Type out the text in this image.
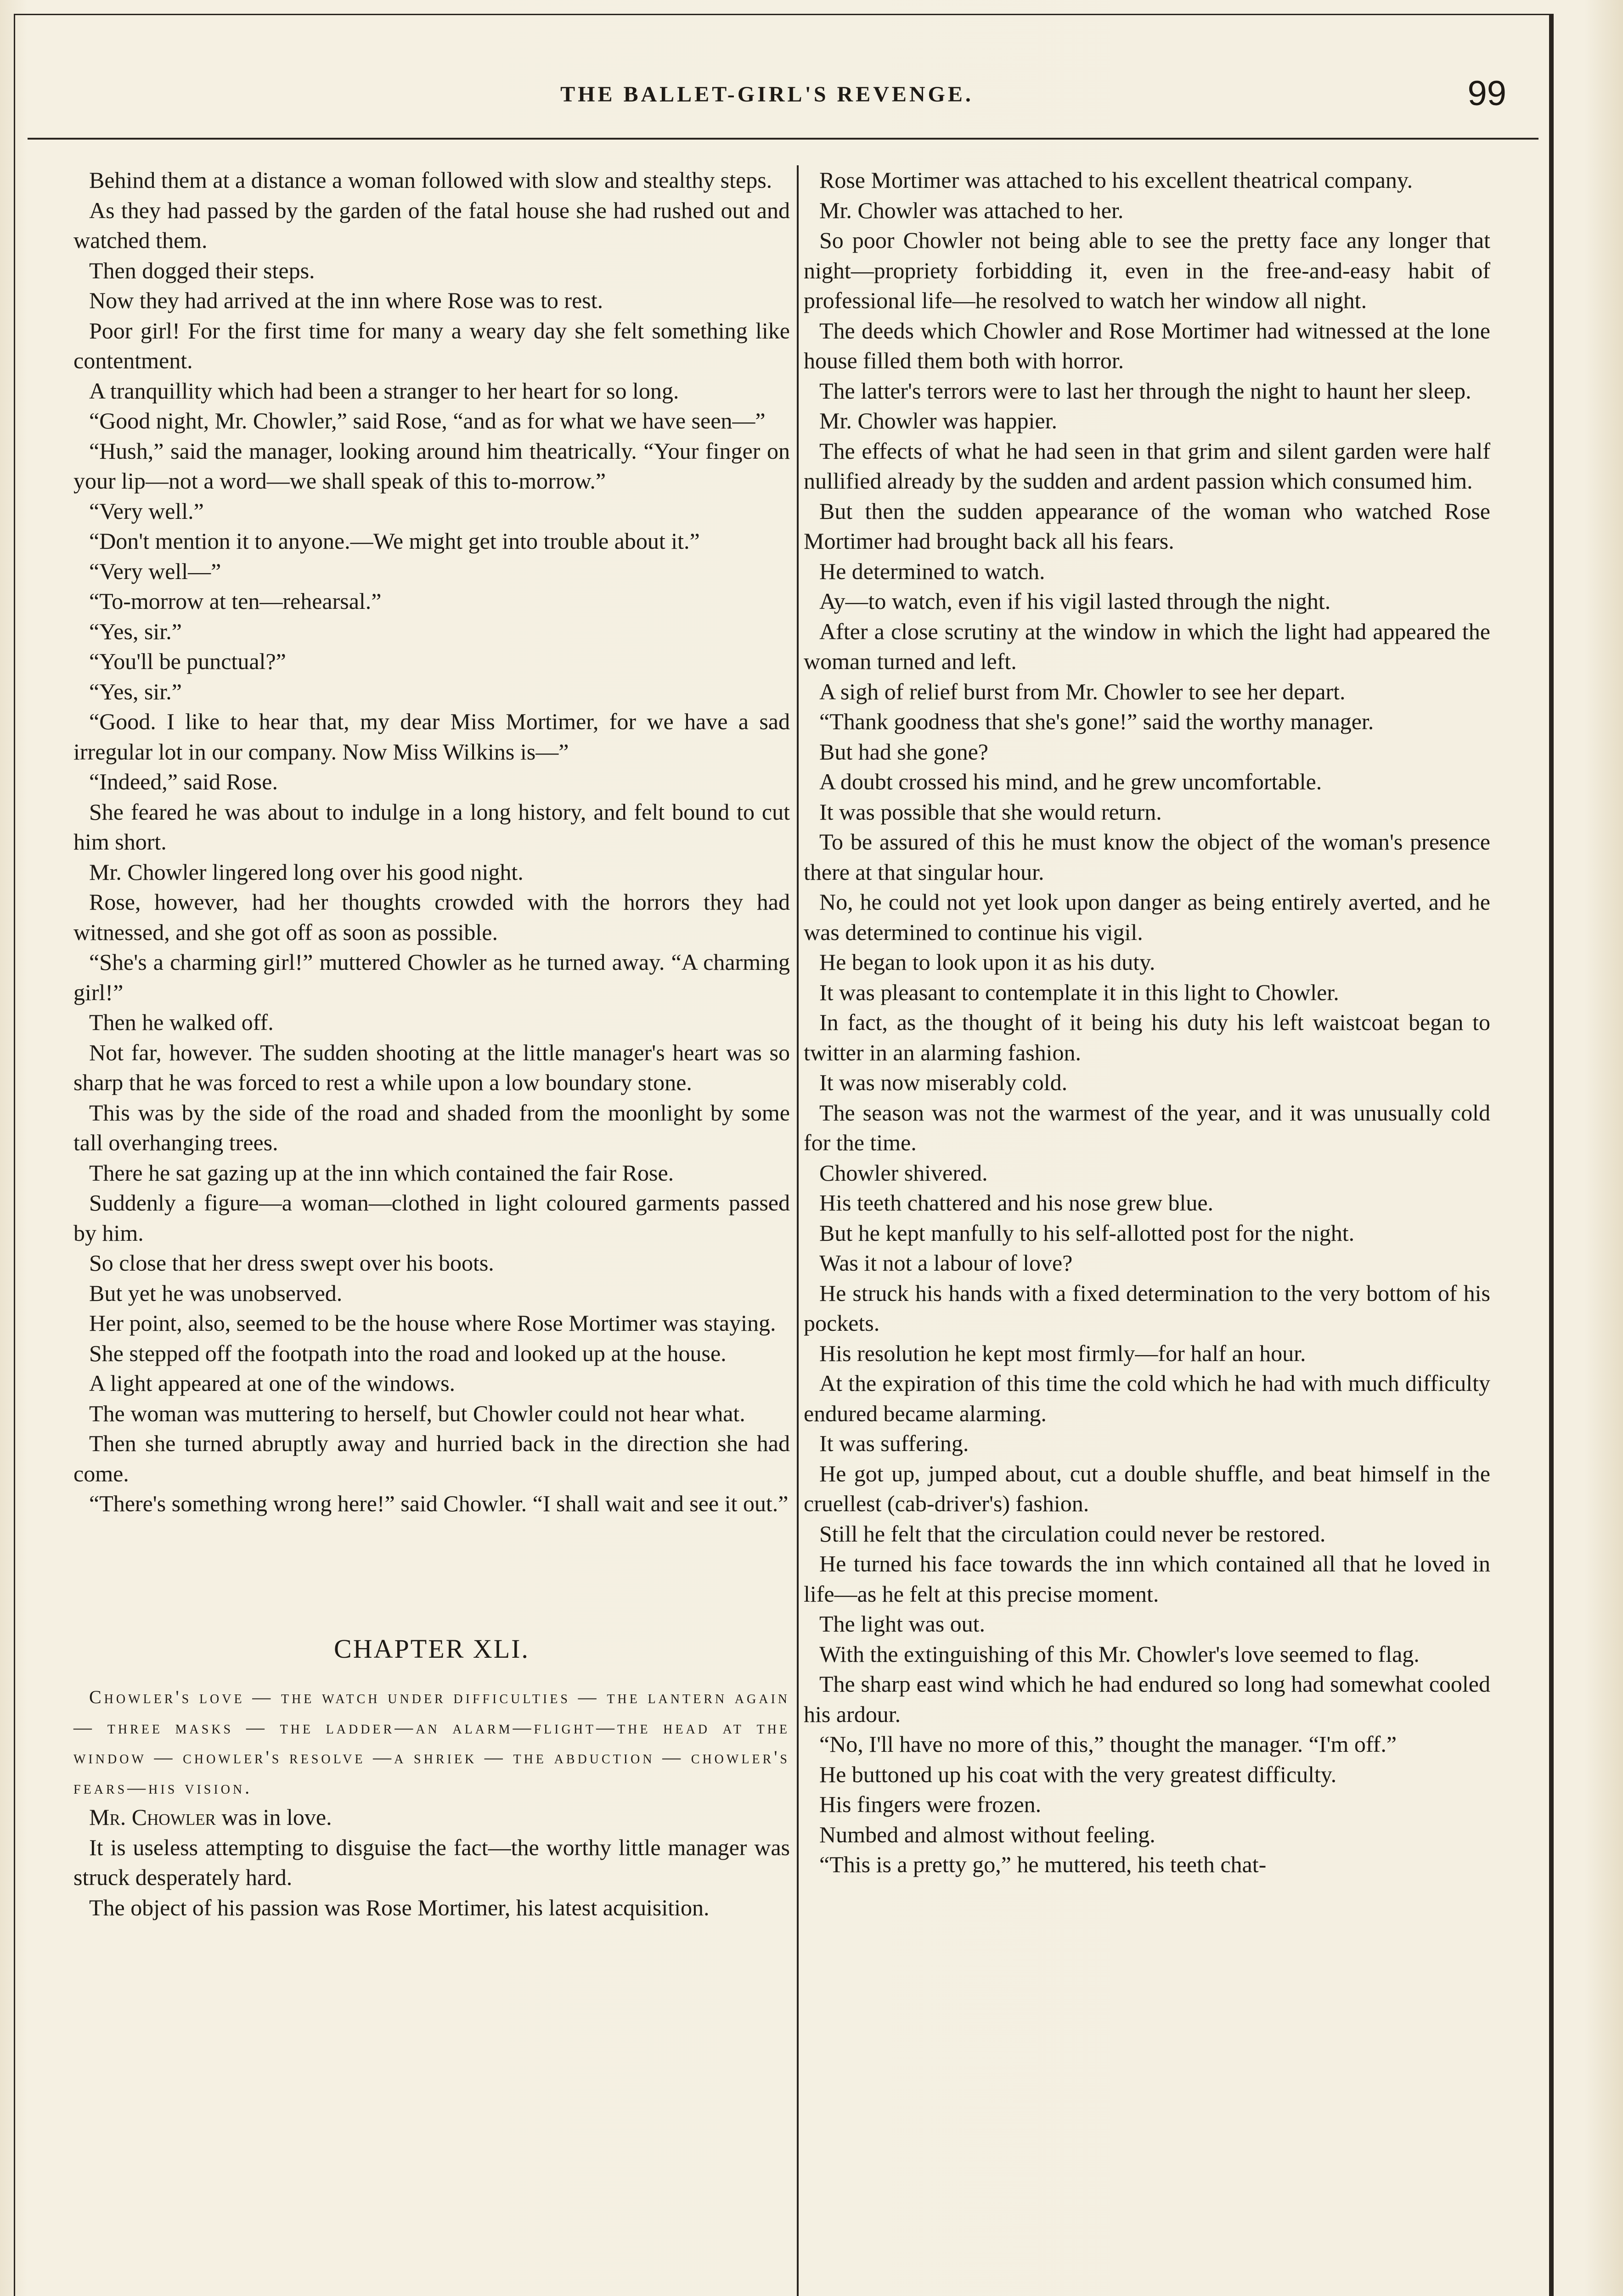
THE BALLET-GIRL'S REVENGE.	99

Behind them at a distance a woman followed with slow and stealthy steps.

As they had passed by the garden of the fatal house she had rushed out and watched them.

Then dogged their steps.

Now they had arrived at the inn where Rose was to rest.

Poor girl! For the first time for many a weary day she felt something like contentment.

A tranquillity which had been a stranger to her heart for so long.

“Good night, Mr. Chowler,” said Rose, “and as for what we have seen—”

“Hush,” said the manager, looking around him theatrically. “Your finger on your lip—not a word—we shall speak of this to-morrow.”

“Very well.”

“Don't mention it to anyone.—We might get into trouble about it.”

“Very well—”

“To-morrow at ten—rehearsal.”

“Yes, sir.”

“You'll be punctual?”

“Yes, sir.”

“Good. I like to hear that, my dear Miss Mortimer, for we have a sad irregular lot in our company. Now Miss Wilkins is—”

“Indeed,” said Rose.

She feared he was about to indulge in a long history, and felt bound to cut him short.

Mr. Chowler lingered long over his good night.

Rose, however, had her thoughts crowded with the horrors they had witnessed, and she got off as soon as possible.

“She's a charming girl!” muttered Chowler as he turned away. “A charming girl!”

Then he walked off.

Not far, however. The sudden shooting at the little manager's heart was so sharp that he was forced to rest a while upon a low boundary stone.

This was by the side of the road and shaded from the moonlight by some tall overhanging trees.

There he sat gazing up at the inn which contained the fair Rose.

Suddenly a figure—a woman—clothed in light coloured garments passed by him.

So close that her dress swept over his boots.

But yet he was unobserved.

Her point, also, seemed to be the house where Rose Mortimer was staying.

She stepped off the footpath into the road and looked up at the house.

A light appeared at one of the windows.

The woman was muttering to herself, but Chowler could not hear what.

Then she turned abruptly away and hurried back in the direction she had come.

“There's something wrong here!” said Chowler. “I shall wait and see it out.”

CHAPTER XLI.

Chowler's love — the watch under difficulties — the lantern again — three masks — the ladder—an alarm—flight—the head at the window — chowler's resolve —a shriek — the abduction — chowler's fears—his vision.

Mr. Chowler was in love.

It is useless attempting to disguise the fact—the worthy little manager was struck desperately hard.

The object of his passion was Rose Mortimer, his latest acquisition.

Rose Mortimer was attached to his excellent theatrical company.

Mr. Chowler was attached to her.

So poor Chowler not being able to see the pretty face any longer that night—propriety forbidding it, even in the free-and-easy habit of professional life—he resolved to watch her window all night.

The deeds which Chowler and Rose Mortimer had witnessed at the lone house filled them both with horror.

The latter's terrors were to last her through the night to haunt her sleep.

Mr. Chowler was happier.

The effects of what he had seen in that grim and silent garden were half nullified already by the sudden and ardent passion which consumed him.

But then the sudden appearance of the woman who watched Rose Mortimer had brought back all his fears.

He determined to watch.

Ay—to watch, even if his vigil lasted through the night.

After a close scrutiny at the window in which the light had appeared the woman turned and left.

A sigh of relief burst from Mr. Chowler to see her depart.

“Thank goodness that she's gone!” said the worthy manager.

But had she gone?

A doubt crossed his mind, and he grew uncomfortable.

It was possible that she would return.

To be assured of this he must know the object of the woman's presence there at that singular hour.

No, he could not yet look upon danger as being entirely averted, and he was determined to continue his vigil.

He began to look upon it as his duty.

It was pleasant to contemplate it in this light to Chowler.

In fact, as the thought of it being his duty his left waistcoat began to twitter in an alarming fashion.

It was now miserably cold.

The season was not the warmest of the year, and it was unusually cold for the time.

Chowler shivered.

His teeth chattered and his nose grew blue.

But he kept manfully to his self-allotted post for the night.

Was it not a labour of love?

He struck his hands with a fixed determination to the very bottom of his pockets.

His resolution he kept most firmly—for half an hour.

At the expiration of this time the cold which he had with much difficulty endured became alarming.

It was suffering.

He got up, jumped about, cut a double shuffle, and beat himself in the cruellest (cab-driver's) fashion.

Still he felt that the circulation could never be restored.

He turned his face towards the inn which contained all that he loved in life—as he felt at this precise moment.

The light was out.

With the extinguishing of this Mr. Chowler's love seemed to flag.

The sharp east wind which he had endured so long had somewhat cooled his ardour.

“No, I'll have no more of this,” thought the manager. “I'm off.”

He buttoned up his coat with the very greatest difficulty.

His fingers were frozen.

Numbed and almost without feeling.

“This is a pretty go,” he muttered, his teeth chat-
